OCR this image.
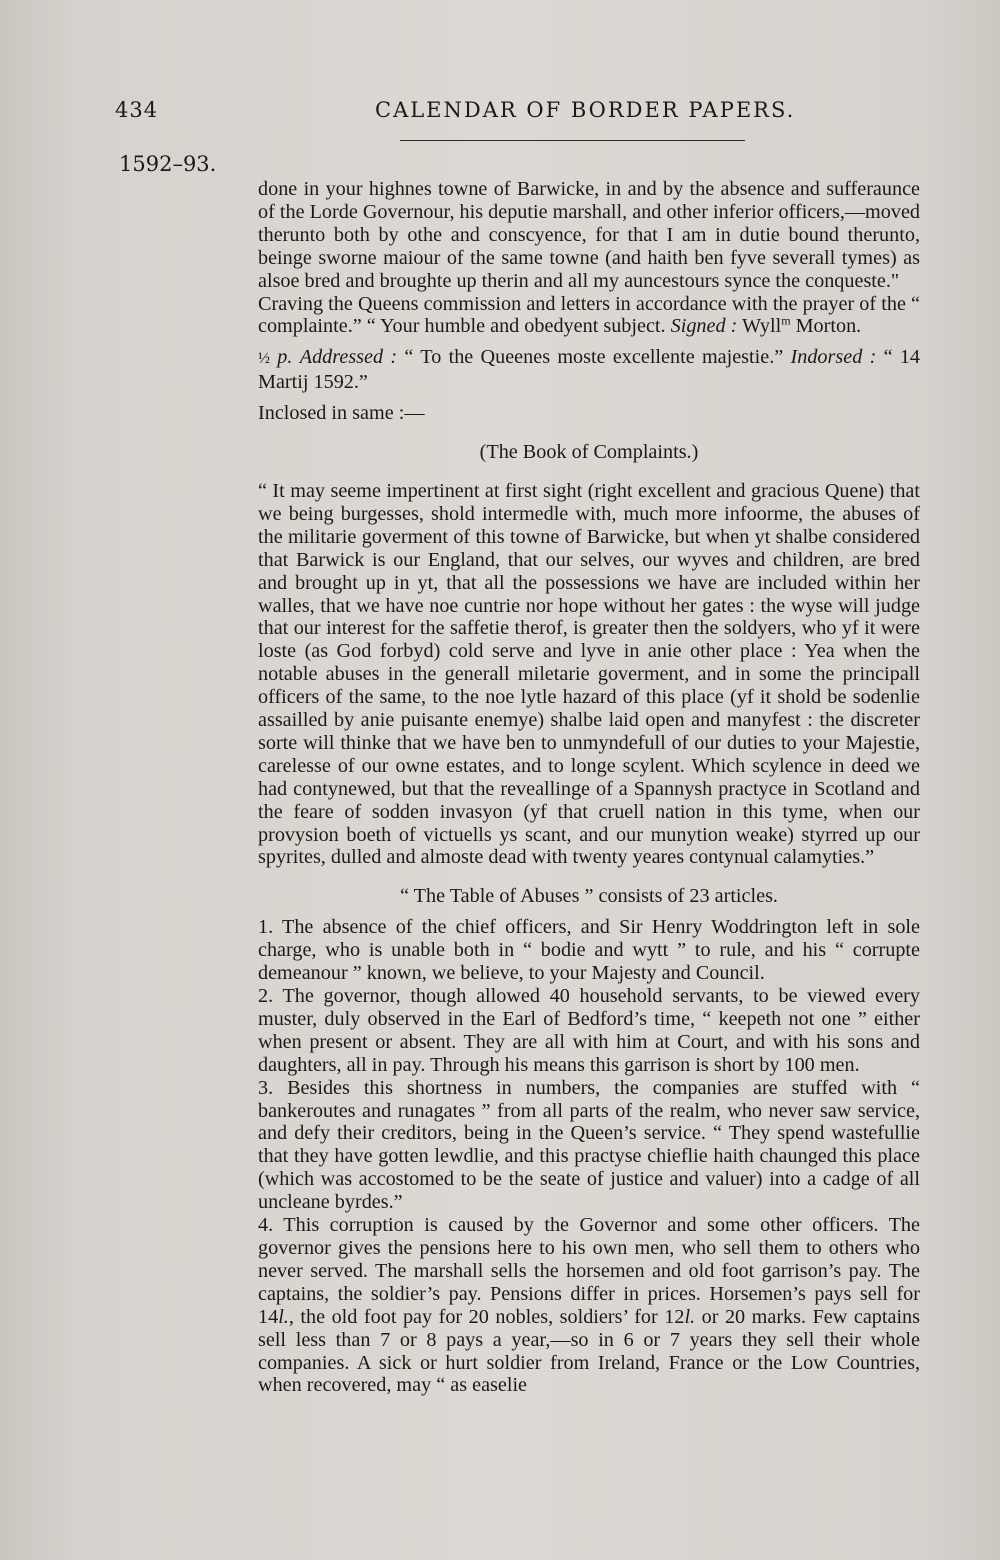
434	CALENDAR OF BORDER PAPERS.
1592–93.

done in your highnes towne of Barwicke, in and by the absence and sufferaunce of the Lorde Governour, his deputie marshall, and other inferior officers,—moved therunto both by othe and conscyence, for that I am in dutie bound therunto, beinge sworne maiour of the same towne (and haith ben fyve severall tymes) as alsoe bred and broughte up therin and all my auncestours synce the conqueste."

Craving the Queens commission and letters in accordance with the prayer of the “ complainte.” “ Your humble and obedyent subject. Signed : Wyll$^m$ Morton.

½ p. Addressed : “ To the Queenes moste excellente majestie.” Indorsed : “ 14 Martij 1592.”

Inclosed in same :—

(The Book of Complaints.)

“ It may seeme impertinent at first sight (right excellent and gracious Quene) that we being burgesses, shold intermedle with, much more infoorme, the abuses of the militarie goverment of this towne of Barwicke, but when yt shalbe considered that Barwick is our England, that our selves, our wyves and children, are bred and brought up in yt, that all the possessions we have are included within her walles, that we have noe cuntrie nor hope without her gates : the wyse will judge that our interest for the saffetie therof, is greater then the soldyers, who yf it were loste (as God forbyd) cold serve and lyve in anie other place : Yea when the notable abuses in the generall miletarie goverment, and in some the principall officers of the same, to the noe lytle hazard of this place (yf it shold be sodenlie assailled by anie puisante enemye) shalbe laid open and manyfest : the discreter sorte will thinke that we have ben to unmyndefull of our duties to your Majestie, carelesse of our owne estates, and to longe scylent. Which scylence in deed we had contynewed, but that the reveallinge of a Spannysh practyce in Scotland and the feare of sodden invasyon (yf that cruell nation in this tyme, when our provysion boeth of victuells ys scant, and our munytion weake) styrred up our spyrites, dulled and almoste dead with twenty yeares contynual calamyties.”

“ The Table of Abuses ” consists of 23 articles.

1. The absence of the chief officers, and Sir Henry Woddrington left in sole charge, who is unable both in “ bodie and wytt ” to rule, and his “ corrupte demeanour ” known, we believe, to your Majesty and Council.

2. The governor, though allowed 40 household servants, to be viewed every muster, duly observed in the Earl of Bedford’s time, “ keepeth not one ” either when present or absent. They are all with him at Court, and with his sons and daughters, all in pay. Through his means this garrison is short by 100 men.

3. Besides this shortness in numbers, the companies are stuffed with “ bankeroutes and runagates ” from all parts of the realm, who never saw service, and defy their creditors, being in the Queen’s service. “ They spend wastefullie that they have gotten lewdlie, and this practyse chieflie haith chaunged this place (which was accostomed to be the seate of justice and valuer) into a cadge of all uncleane byrdes.”

4. This corruption is caused by the Governor and some other officers. The governor gives the pensions here to his own men, who sell them to others who never served. The marshall sells the horsemen and old foot garrison’s pay. The captains, the soldier’s pay. Pensions differ in prices. Horsemen’s pays sell for 14l., the old foot pay for 20 nobles, soldiers’ for 12l. or 20 marks. Few captains sell less than 7 or 8 pays a year,—so in 6 or 7 years they sell their whole companies. A sick or hurt soldier from Ireland, France or the Low Countries, when recovered, may “ as easelie
